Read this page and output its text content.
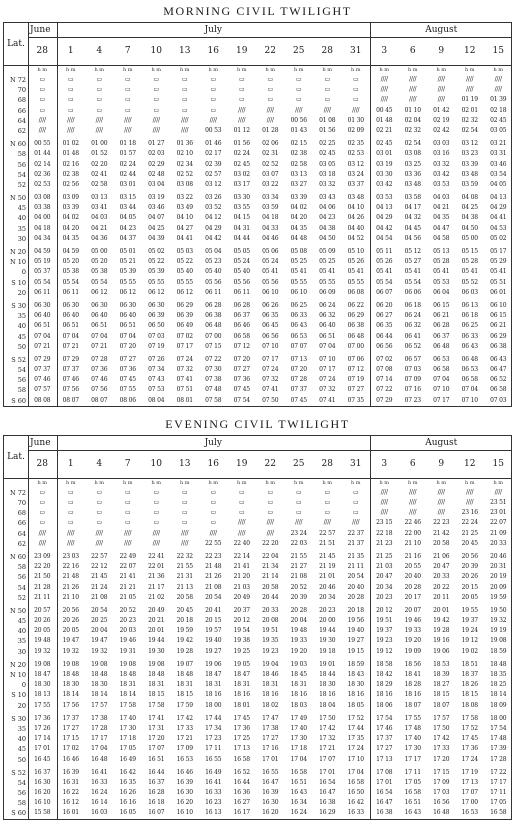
MORNING CIVIL TWILIGHT
Lat.
June	July	August
28	1	4	7	10	13	16	19	22	25	28	31	3	6	9	12	15
h m	h m	h m	h m	h m	h m	h m	h m	h m	h m	h m	h m	h m	h m	h m	h m	h m
N 72	▭	▭	▭	▭	▭	▭	▭	▭	▭	▭	▭	▭	////	////	////	////	////
70	▭	▭	▭	▭	▭	▭	▭	▭	▭	▭	▭	▭	////	////	////	////	////
68	▭	▭	▭	▭	▭	▭	▭	▭	▭	▭	▭	▭	////	////	////	01 19	01 39
66	▭	▭	▭	▭	▭	▭	▭	////	////	////	////	////	00 45	01 10	01 42	02 01	02 18
64	////	////	////	////	////	////	////	////	////	00 56	01 08	01 30	01 48	02 04	02 19	02 32	02 45
62	////	////	////	////	////	////	00 53	01 12	01 28	01 43	01 56	02 09	02 21	02 32	02 42	02 54	03 05
N 60	00 55	01 02	01 00	01 18	01 27	01 36	01 46	01 56	02 06	02 15	02 25	02 35	02 45	02 54	03 03	03 12	03 21
58	01 44	01 48	01 52	01 57	02 03	02 10	02 17	02 24	02 31	02 38	02 45	02 53	03 01	03 08	03 16	03 23	03 31
56	02 14	02 16	02 20	02 24	02 29	02 34	02 39	02 45	02 52	02 58	03 05	03 12	03 19	03 25	03 32	03 39	03 46
54	02 36	02 38	02 41	02 44	02 48	02 52	02 57	03 02	03 07	03 13	03 18	03 24	03 30	03 36	03 42	03 48	03 54
52	02 53	02 56	02 58	03 01	03 04	03 08	03 12	03 17	03 22	03 27	03 32	03 37	03 42	03 48	03 53	03 59	04 05
N 50	03 08	03 09	03 13	03 15	03 19	03 22	03 26	03 30	03 34	03 39	03 43	03 48	03 53	03 58	04 03	04 08	04 13
45	03 38	03 39	03 41	03 44	03 46	03 49	03 52	03 55	03 59	04 02	04 06	04 10	04 13	04 17	04 21	04 25	04 29
40	04 00	04 02	04 03	04 05	04 07	04 10	04 12	04 15	04 18	04 20	04 23	04 26	04 29	04 32	04 35	04 38	04 41
35	04 18	04 20	04 21	04 23	04 25	04 27	04 29	04 31	04 33	04 35	04 38	04 40	04 42	04 45	04 47	04 50	04 53
30	04 34	04 35	04 36	04 37	04 39	04 41	04 42	04 44	04 46	04 48	04 50	04 52	04 54	04 56	04 58	05 00	05 02
N 20	04 59	04 59	05 00	05 01	05 02	05 03	05 04	05 05	05 06	05 08	05 09	05 10	05 11	05 12	05 13	05 15	05 17
N 10	05 19	05 20	05 20	05 21	05 22	05 22	05 23	05 24	05 24	05 25	05 25	05 26	05 26	05 27	05 28	05 28	05 29
0	05 37	05 38	05 38	05 39	05 39	05 40	05 40	05 40	05 41	05 41	05 41	05 41	05 41	05 41	05 41	05 41	05 41
S 10	05 54	05 54	05 54	05 55	05 55	05 55	05 56	05 56	05 56	05 55	05 55	05 55	05 54	05 54	05 53	05 52	05 51
20	06 11	06 11	06 12	06 12	06 12	06 12	06 11	06 11	06 10	06 10	06 09	06 08	06 07	06 06	06 04	06 03	06 01
S 30	06 30	06 30	06 30	06 30	06 30	06 29	06 28	06 28	06 26	06 25	06 24	06 22	06 20	06 18	06 15	06 13	06 10
35	06 40	06 40	06 40	06 40	06 39	06 39	06 38	06 37	06 35	06 33	06 32	06 29	06 27	06 24	06 21	06 18	06 15
40	06 51	06 51	06 51	06 51	06 50	06 49	06 48	06 46	06 45	06 43	06 40	06 38	06 35	06 32	06 28	06 25	06 21
45	07 04	07 04	07 04	07 04	07 03	07 02	07 00	06 58	06 56	06 53	06 51	06 48	06 44	06 41	06 37	06 33	06 29
50	07 21	07 21	07 21	07 20	07 19	07 17	07 15	07 12	07 10	07 07	07 04	07 00	06 56	06 52	06 48	06 43	06 38
S 52	07 29	07 29	07 28	07 27	07 26	07 24	07 22	07 20	07 17	07 13	07 10	07 06	07 02	06 57	06 53	06 48	06 43
54	07 37	07 37	07 36	07 36	07 34	07 32	07 30	07 27	07 24	07 20	07 17	07 12	07 08	07 03	06 58	06 53	06 47
56	07 46	07 46	07 46	07 45	07 43	07 41	07 38	07 36	07 32	07 28	07 24	07 19	07 14	07 09	07 04	06 58	06 52
58	07 57	07 56	07 56	07 55	07 53	07 51	07 48	07 45	07 41	07 37	07 32	07 27	07 22	07 16	07 10	07 04	06 58
S 60	08 08	08 07	08 07	08 06	08 04	08 01	07 58	07 54	07 50	07 45	07 41	07 35	07 29	07 23	07 17	07 10	07 03
EVENING CIVIL TWILIGHT
Lat.
June	July	August
28	1	4	7	10	13	16	19	22	25	28	31	3	6	9	12	15
h m	h m	h m	h m	h m	h m	h m	h m	h m	h m	h m	h m	h m	h m	h m	h m	h m
N 72	▭	▭	▭	▭	▭	▭	▭	▭	▭	▭	▭	▭	////	////	////	////	////
70	▭	▭	▭	▭	▭	▭	▭	▭	▭	▭	▭	▭	////	////	////	////	23 51
68	▭	▭	▭	▭	▭	▭	▭	▭	▭	▭	▭	▭	////	////	////	23 16	23 01
66	▭	▭	▭	▭	▭	▭	▭	////	////	////	////	////	23 15	22 46	22 23	22 24	22 07
64	////	////	////	////	////	////	////	////	////	23 24	22 57	22 37	22 18	22 00	21 42	21 25	21 09
62	////	////	////	////	////	////	22 55	22 40	22 20	22 03	21 51	21 37	21 23	21 10	20 58	20 45	20 33
N 60	23 09	23 03	22 57	22 49	22 41	22 32	22 23	22 14	22 04	21 55	21 45	21 35	21 25	21 16	21 06	20 56	20 46
58	22 20	22 16	22 12	22 07	22 01	21 55	21 48	21 41	21 34	21 27	21 19	21 11	21 03	20 55	20 47	20 39	20 31
56	21 50	21 48	21 45	21 41	21 36	21 31	21 26	21 20	21 14	21 08	21 01	20 54	20 47	20 40	20 33	20 26	20 19
54	21 28	21 26	21 24	21 21	21 17	21 13	21 08	21 03	20 58	20 52	20 46	20 40	20 34	20 28	20 22	20 15	20 09
52	21 11	21 10	21 08	21 05	21 02	20 58	20 54	20 49	20 44	20 39	20 34	20 28	20 23	20 17	20 11	20 05	19 59
N 50	20 57	20 56	20 54	20 52	20 49	20 45	20 41	20 37	20 33	20 28	20 23	20 18	20 12	20 07	20 01	19 55	19 50
45	20 26	20 26	20 25	20 23	20 21	20 18	20 15	20 12	20 08	20 04	20 00	19 56	19 51	19 46	19 42	19 37	19 32
40	20 05	20 05	20 04	20 03	20 01	19 59	19 57	19 54	19 51	19 48	19 44	19 40	19 37	19 33	19 28	19 24	19 19
35	19 48	19 47	19 47	19 46	19 44	19 42	19 40	19 38	19 35	19 33	19 30	19 27	19 23	19 20	19 16	19 12	19 08
30	19 32	19 32	19 32	19 31	19 30	19 28	19 27	19 25	19 23	19 20	19 18	19 15	19 12	19 09	19 06	19 02	18 59
N 20	19 08	19 08	19 08	19 08	19 08	19 07	19 06	19 05	19 04	19 03	19 01	18 59	18 58	18 56	18 53	18 51	18 48
N 10	18 47	18 48	18 48	18 48	18 48	18 48	18 47	18 47	18 46	18 45	18 44	18 43	18 42	18 41	18 39	18 37	18 35
0	18 30	18 30	18 30	18 31	18 31	18 31	18 31	18 31	18 31	18 31	18 30	18 30	18 29	18 28	18 27	18 26	18 25
S 10	18 13	18 14	18 14	18 14	18 15	18 15	18 16	18 16	18 16	18 16	18 16	18 16	18 16	18 16	18 15	18 15	18 14
20	17 55	17 56	17 57	17 58	17 58	17 59	18 00	18 01	18 02	18 03	18 04	18 05	18 06	18 07	18 07	18 08	18 09
S 30	17 36	17 37	17 38	17 40	17 41	17 42	17 44	17 45	17 47	17 49	17 50	17 52	17 54	17 55	17 57	17 58	18 00
35	17 26	17 27	17 28	17 30	17 31	17 33	17 34	17 36	17 38	17 40	17 42	17 44	17 46	17 48	17 50	17 52	17 54
40	17 14	17 15	17 17	17 18	17 20	17 21	17 23	17 25	17 27	17 30	17 32	17 35	17 37	17 40	17 42	17 45	17 48
45	17 01	17 02	17 04	17 05	17 07	17 09	17 11	17 13	17 16	17 18	17 21	17 24	17 27	17 30	17 33	17 36	17 39
50	16 45	16 46	16 48	16 49	16 51	16 53	16 55	16 58	17 01	17 04	17 07	17 10	17 13	17 17	17 20	17 24	17 28
S 52	16 37	16 39	16 41	16 42	16 44	16 46	16 49	16 52	16 55	16 58	17 01	17 04	17 08	17 11	17 15	17 19	17 22
54	16 30	16 31	16 33	16 35	16 37	16 39	16 41	16 44	16 47	16 51	16 54	16 58	17 01	17 05	17 09	17 13	17 17
56	16 20	16 22	16 24	16 26	16 28	16 30	16 33	16 36	16 39	16 43	16 47	16 50	16 54	16 58	17 03	17 07	17 11
58	16 10	16 12	16 14	16 16	16 18	16 20	16 23	16 27	16 30	16 34	16 38	16 42	16 47	16 51	16 56	17 00	17 05
S 60	15 58	16 01	16 03	16 05	16 07	16 10	16 13	16 17	16 20	16 24	16 29	16 33	16 38	16 43	16 48	16 53	16 58
